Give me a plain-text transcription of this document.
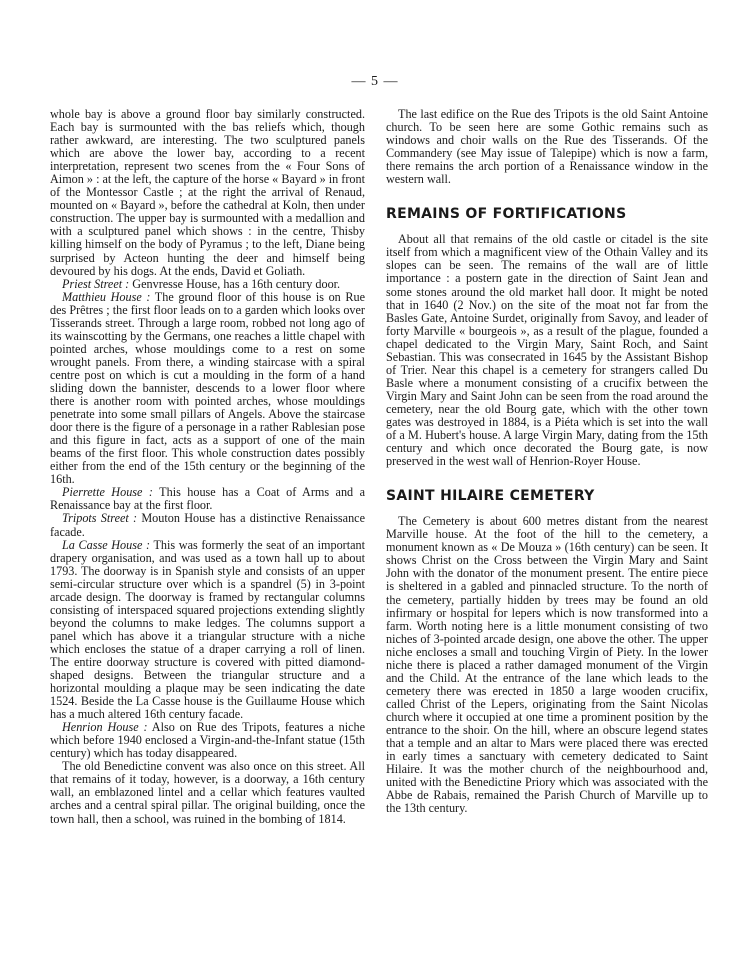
— 5 —

whole bay is above a ground floor bay similarly constructed. Each bay is surmounted with the bas reliefs which, though rather awkward, are interesting. The two sculptured panels which are above the lower bay, according to a recent interpretation, represent two scenes from the « Four Sons of Aimon » : at the left, the capture of the horse « Bayard » in front of the Montessor Castle ; at the right the arrival of Renaud, mounted on « Bayard », before the cathedral at Koln, then under construction. The upper bay is surmounted with a medallion and with a sculptured panel which shows : in the centre, Thisby killing himself on the body of Pyramus ; to the left, Diane being surprised by Acteon hunting the deer and himself being devoured by his dogs. At the ends, David et Goliath.

Priest Street : Genvresse House, has a 16th century door.

Matthieu House : The ground floor of this house is on Rue des Prêtres ; the first floor leads on to a garden which looks over Tisserands street. Through a large room, robbed not long ago of its wainscotting by the Germans, one reaches a little chapel with pointed arches, whose mouldings come to a rest on some wrought panels. From there, a winding staircase with a spiral centre post on which is cut a moulding in the form of a hand sliding down the bannister, descends to a lower floor where there is another room with pointed arches, whose mouldings penetrate into some small pillars of Angels. Above the staircase door there is the figure of a personage in a rather Rablesian pose and this figure in fact, acts as a support of one of the main beams of the first floor. This whole construction dates possibly either from the end of the 15th century or the beginning of the 16th.

Pierrette House : This house has a Coat of Arms and a Renaissance bay at the first floor.

Tripots Street : Mouton House has a distinctive Renaissance facade.

La Casse House : This was formerly the seat of an important drapery organisation, and was used as a town hall up to about 1793. The doorway is in Spanish style and consists of an upper semi-circular structure over which is a spandrel (5) in 3-point arcade design. The doorway is framed by rectangular columns consisting of interspaced squared projections extending slightly beyond the columns to make ledges. The columns support a panel which has above it a triangular structure with a niche which encloses the statue of a draper carrying a roll of linen. The entire doorway structure is covered with pitted diamond-shaped designs. Between the triangular structure and a horizontal moulding a plaque may be seen indicating the date 1524. Beside the La Casse house is the Guillaume House which has a much altered 16th century facade.

Henrion House : Also on Rue des Tripots, features a niche which before 1940 enclosed a Virgin-and-the-Infant statue (15th century) which has today disappeared.

The old Benedictine convent was also once on this street. All that remains of it today, however, is a doorway, a 16th century wall, an emblazoned lintel and a cellar which features vaulted arches and a central spiral pillar. The original building, once the town hall, then a school, was ruined in the bombing of 1814.

The last edifice on the Rue des Tripots is the old Saint Antoine church. To be seen here are some Gothic remains such as windows and choir walls on the Rue des Tisserands. Of the Commandery (see May issue of Talepipe) which is now a farm, there remains the arch portion of a Renaissance window in the western wall.

REMAINS OF FORTIFICATIONS

About all that remains of the old castle or citadel is the site itself from which a magnificent view of the Othain Valley and its slopes can be seen. The remains of the wall are of little importance : a postern gate in the direction of Saint Jean and some stones around the old market hall door. It might be noted that in 1640 (2 Nov.) on the site of the moat not far from the Basles Gate, Antoine Surdet, originally from Savoy, and leader of forty Marville « bourgeois », as a result of the plague, founded a chapel dedicated to the Virgin Mary, Saint Roch, and Saint Sebastian. This was consecrated in 1645 by the Assistant Bishop of Trier. Near this chapel is a cemetery for strangers called Du Basle where a monument consisting of a crucifix between the Virgin Mary and Saint John can be seen from the road around the cemetery, near the old Bourg gate, which with the other town gates was destroyed in 1884, is a Piéta which is set into the wall of a M. Hubert's house. A large Virgin Mary, dating from the 15th century and which once decorated the Bourg gate, is now preserved in the west wall of Henrion-Royer House.

SAINT HILAIRE CEMETERY

The Cemetery is about 600 metres distant from the nearest Marville house. At the foot of the hill to the cemetery, a monument known as « De Mouza » (16th century) can be seen. It shows Christ on the Cross between the Virgin Mary and Saint John with the donator of the monument present. The entire piece is sheltered in a gabled and pinnacled structure. To the north of the cemetery, partially hidden by trees may be found an old infirmary or hospital for lepers which is now transformed into a farm. Worth noting here is a little monument consisting of two niches of 3-pointed arcade design, one above the other. The upper niche encloses a small and touching Virgin of Piety. In the lower niche there is placed a rather damaged monument of the Virgin and the Child. At the entrance of the lane which leads to the cemetery there was erected in 1850 a large wooden crucifix, called Christ of the Lepers, originating from the Saint Nicolas church where it occupied at one time a prominent position by the entrance to the shoir. On the hill, where an obscure legend states that a temple and an altar to Mars were placed there was erected in early times a sanctuary with cemetery dedicated to Saint Hilaire. It was the mother church of the neighbourhood and, united with the Benedictine Priory which was associated with the Abbe de Rabais, remained the Parish Church of Marville up to the 13th century.
